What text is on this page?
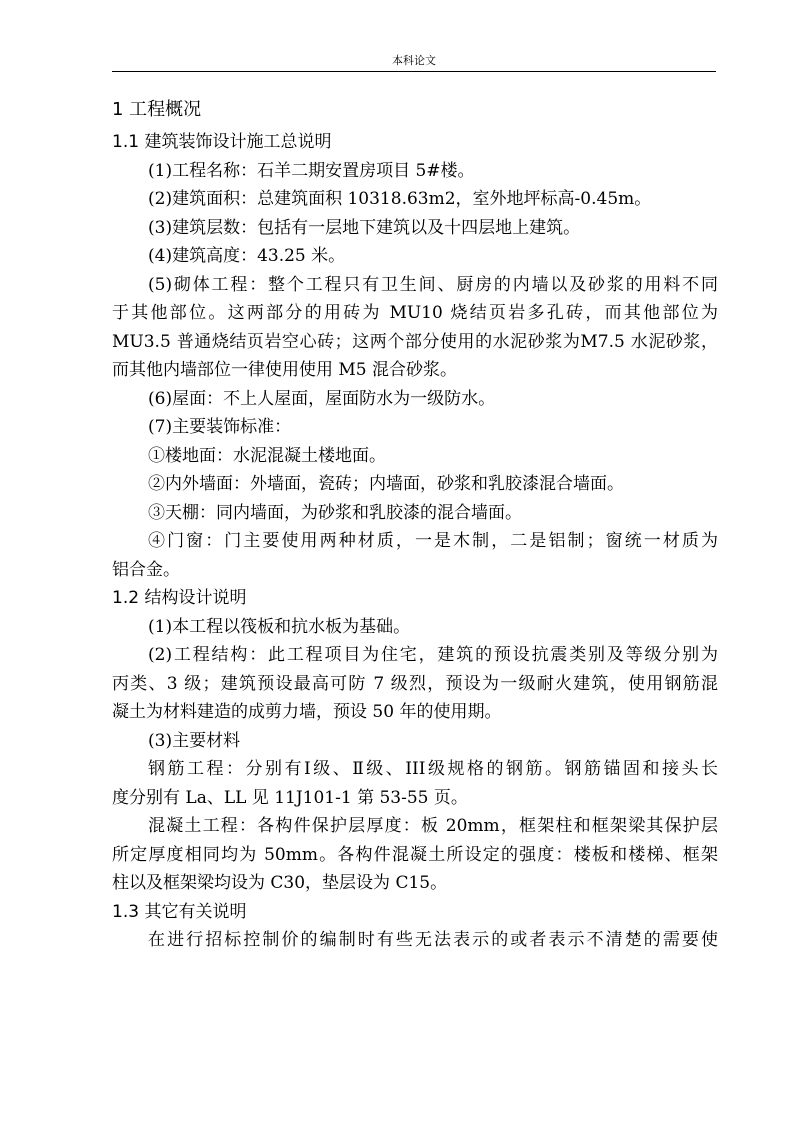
本科论文
1 工程概况
1.1 建筑装饰设计施工总说明
(1)工程名称：石羊二期安置房项目 5#楼。
(2)建筑面积：总建筑面积 10318.63m2，室外地坪标高-0.45m。
(3)建筑层数：包括有一层地下建筑以及十四层地上建筑。
(4)建筑高度：43.25 米。
(5)砌体工程：整个工程只有卫生间、厨房的内墙以及砂浆的用料不同
于其他部位。这两部分的用砖为 MU10 烧结页岩多孔砖，而其他部位为
MU3.5 普通烧结页岩空心砖；这两个部分使用的水泥砂浆为M7.5 水泥砂浆，
而其他内墙部位一律使用使用 M5 混合砂浆。
(6)屋面：不上人屋面，屋面防水为一级防水。
(7)主要装饰标准：
①楼地面：水泥混凝土楼地面。
②内外墙面：外墙面，瓷砖；内墙面，砂浆和乳胶漆混合墙面。
③天棚：同内墙面，为砂浆和乳胶漆的混合墙面。
④门窗：门主要使用两种材质，一是木制，二是铝制；窗统一材质为
铝合金。
1.2 结构设计说明
(1)本工程以筏板和抗水板为基础。
(2)工程结构：此工程项目为住宅，建筑的预设抗震类别及等级分别为
丙类、3 级；建筑预设最高可防 7 级烈，预设为一级耐火建筑，使用钢筋混
凝土为材料建造的成剪力墙，预设 50 年的使用期。
(3)主要材料
钢筋工程：分别有Ⅰ级、Ⅱ级、III级规格的钢筋。钢筋锚固和接头长
度分别有 La、LL 见 11J101-1 第 53-55 页。
混凝土工程：各构件保护层厚度：板 20mm，框架柱和框架梁其保护层
所定厚度相同均为 50mm。各构件混凝土所设定的强度：楼板和楼梯、框架
柱以及框架梁均设为 C30，垫层设为 C15。
1.3 其它有关说明
在进行招标控制价的编制时有些无法表示的或者表示不清楚的需要使
